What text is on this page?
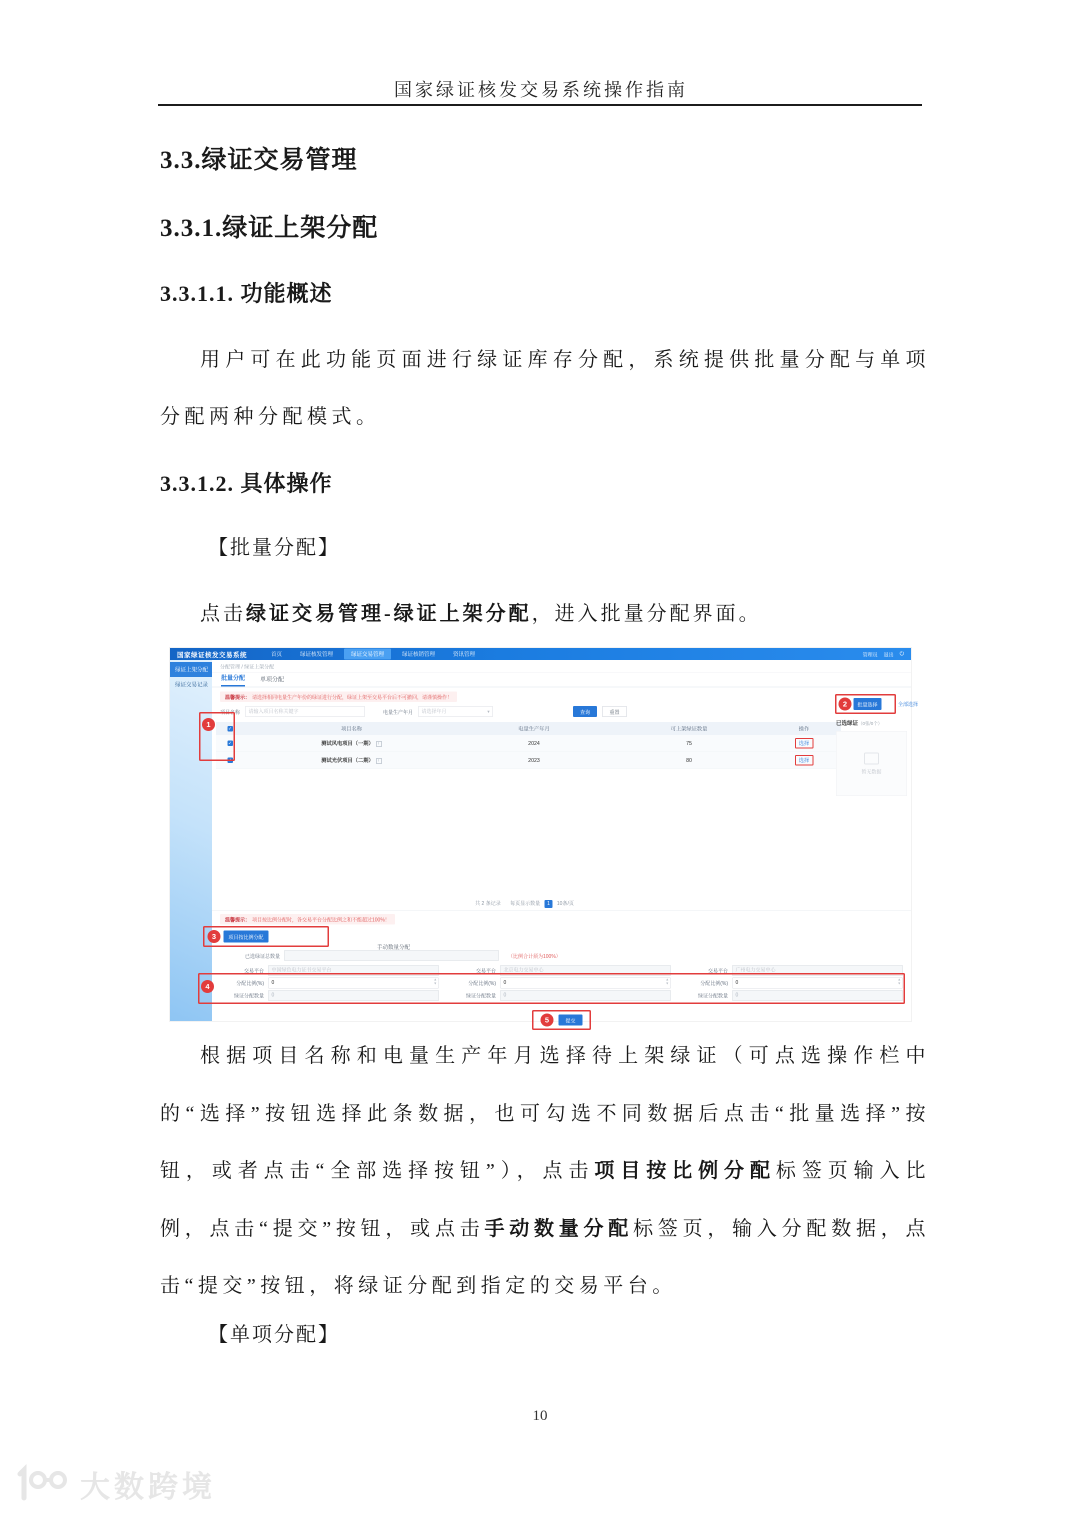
国家绿证核发交易系统操作指南
3.3.绿证交易管理
3.3.1.绿证上架分配
3.3.1.1. 功能概述
用户可在此功能页面进行绿证库存分配，系统提供批量分配与单项分配两种分配模式。
3.3.1.2. 具体操作
【批量分配】
点击绿证交易管理-绿证上架分配，进入批量分配界面。
国家绿证核发交易系统	首页	绿证核发管理	绿证交易管理	绿证核销管理	资讯管理	管理员 退出 ⏻
绿证上架分配
绿证交易记录
分配管理 / 绿证上架分配
批量分配 单项分配
温馨提示： 请选择相同电量生产年份的绿证进行分配，绿证上架至交易平台后不可撤回，请谨慎操作！
项目名称
请输入项目名称关键字	电量生产年月
请选择年月	▼	查询	重置
✓	项目名称	电量生产年月	可上架绿证数量	操作
✓	测试风电项目（一期） i	2024	75	选择
✓	测试光伏项目（二期） i	2023	80	选择
共 2 条记录 每页显示数量 1 10条/页
温馨提示： 项目按比例分配时，各交易平台分配比例之和不能超过100%！
手动数量分配
已选绿证总数量	（比例合计须为100%）
交易平台
中国绿色电力证书交易平台
分配比例(%)
0
▲
▼
绿证分配数量
0
交易平台
北京电力交易中心
分配比例(%)
0
▲
▼
绿证分配数量
0
交易平台
广州电力交易中心
分配比例(%)
0
▲
▼
绿证分配数量
0
5	提交
已选绿证（0张/0个）
暂无数据
1
2	批量选择	全部选择
3	项目按比例分配
4
根据项目名称和电量生产年月选择待上架绿证（可点选操作栏中的“选择”按钮选择此条数据，也可勾选不同数据后点击“批量选择”按钮，或者点击“全部选择按钮”），点击项目按比例分配标签页输入比例，点击“提交”按钮，或点击手动数量分配标签页，输入分配数据，点击“提交”按钮，将绿证分配到指定的交易平台。
【单项分配】
10
大数跨境
